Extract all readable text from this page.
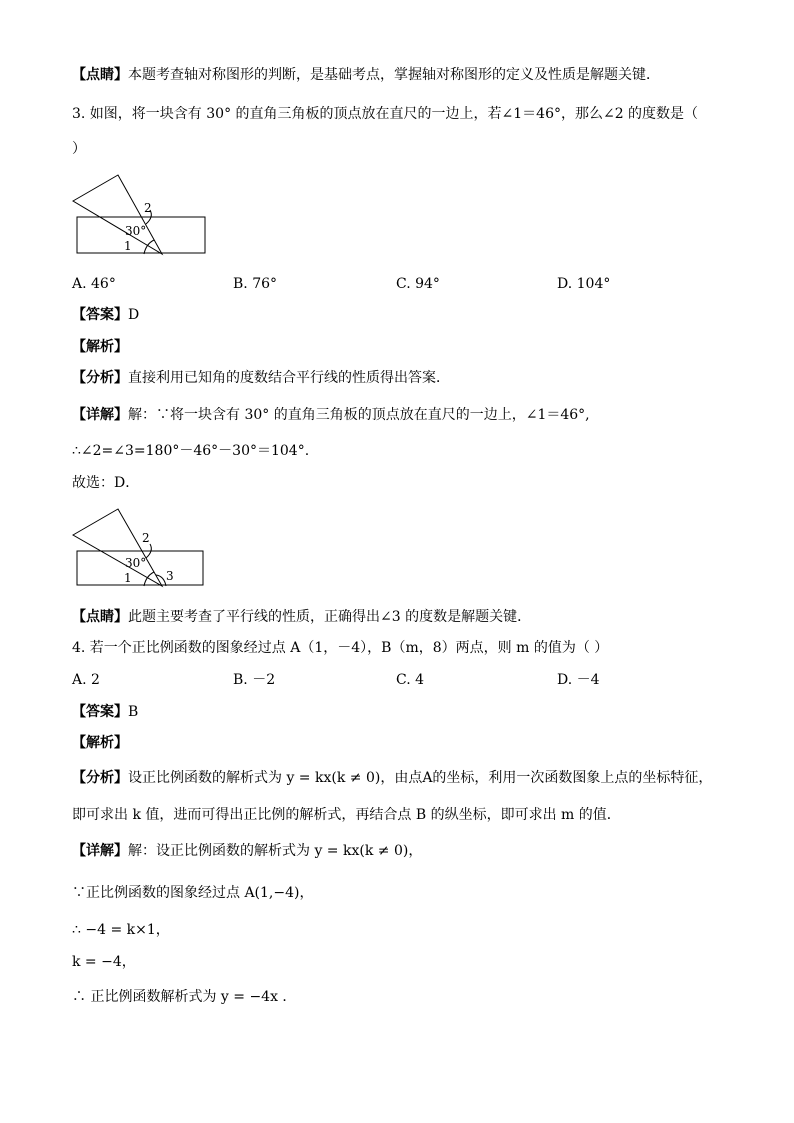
【点睛】本题考查轴对称图形的判断，是基础考点，掌握轴对称图形的定义及性质是解题关键．
3. 如图，将一块含有 30° 的直角三角板的顶点放在直尺的一边上，若∠1＝46°，那么∠2 的度数是（
）
2
30°
1
A. 46°	B. 76°	C. 94°	D. 104°
【答案】D
【解析】
【分析】直接利用已知角的度数结合平行线的性质得出答案．
【详解】解：∵将一块含有 30° 的直角三角板的顶点放在直尺的一边上，∠1＝46°,
∴∠2=∠3=180°－46°－30°＝104°.
故选：D．
2
30°
1	3
【点睛】此题主要考查了平行线的性质，正确得出∠3 的度数是解题关键．
4. 若一个正比例函数的图象经过点 A（1，－4），B（m，8）两点，则 m 的值为（ ）
A. 2	B. －2	C. 4	D. －4
【答案】B
【解析】
【分析】设正比例函数的解析式为 y = kx(k ≠ 0)，由点A的坐标，利用一次函数图象上点的坐标特征，
即可求出 k 值，进而可得出正比例的解析式，再结合点 B 的纵坐标，即可求出 m 的值．
【详解】解：设正比例函数的解析式为 y = kx(k ≠ 0)，
∵正比例函数的图象经过点 A(1,−4)，
∴ −4 = k×1，
k = −4，
∴ 正比例函数解析式为 y = −4x ．
